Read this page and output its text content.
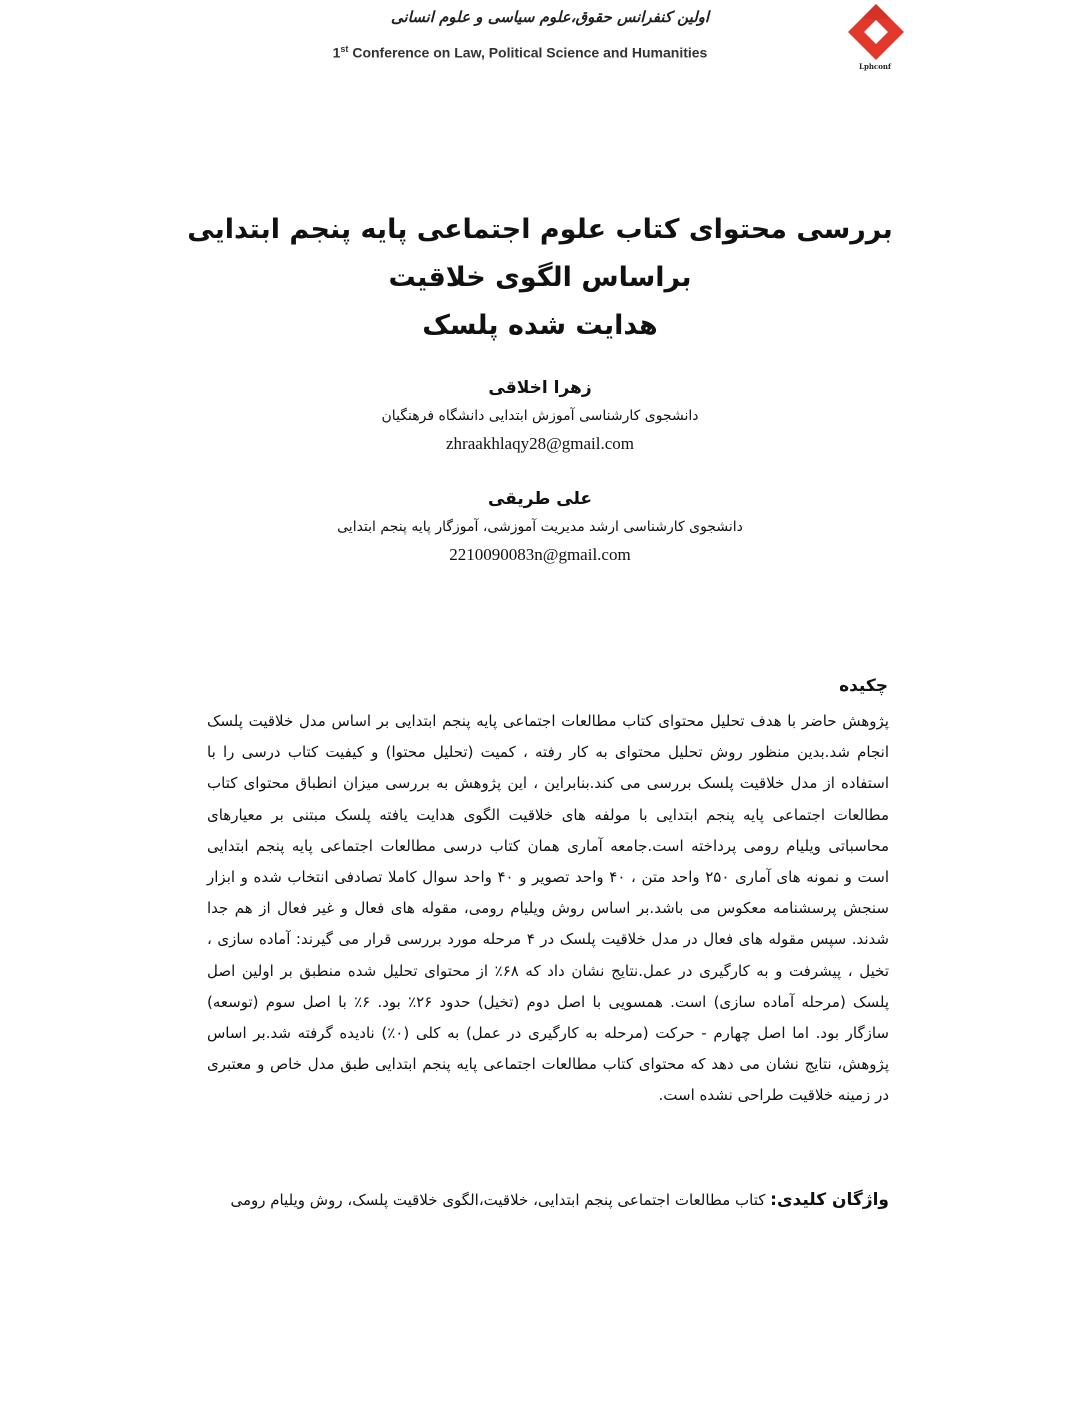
اولین کنفرانس حقوق،علوم سیاسی و علوم انسانی
1st Conference on Law, Political Science and Humanities
Lphconf
بررسی محتوای کتاب علوم اجتماعی پایه پنجم ابتدایی براساس الگوی خلاقیت
هدایت شده پلسک
زهرا اخلاقی
دانشجوی کارشناسی آموزش ابتدایی دانشگاه فرهنگیان
zhraakhlaqy28@gmail.com
علی طریقی
دانشجوی کارشناسی ارشد مدیریت آموزشی، آموزگار پایه پنجم ابتدایی
2210090083n@gmail.com
چکیده
پژوهش حاضر با هدف تحلیل محتوای کتاب مطالعات اجتماعی پایه پنجم ابتدایی بر اساس مدل خلاقیت پلسک انجام شد.بدین منظور روش تحلیل محتوای به کار رفته ، کمیت (تحلیل محتوا) و کیفیت کتاب درسی را با استفاده از مدل خلاقیت پلسک بررسی می کند.بنابراین ، این پژوهش به بررسی میزان انطباق محتوای کتاب مطالعات اجتماعی پایه پنجم ابتدایی با مولفه های خلاقیت الگوی هدایت یافته پلسک مبتنی بر معیارهای محاسباتی ویلیام رومی پرداخته است.جامعه آماری همان کتاب درسی مطالعات اجتماعی پایه پنجم ابتدایی است و نمونه های آماری ۲۵۰ واحد متن ، ۴۰ واحد تصویر و ۴۰ واحد سوال کاملا تصادفی انتخاب شده و ابزار سنجش پرسشنامه معکوس می باشد.بر اساس روش ویلیام رومی، مقوله های فعال و غیر فعال از هم جدا شدند. سپس مقوله های فعال در مدل خلاقیت پلسک در ۴ مرحله مورد بررسی قرار می گیرند: آماده سازی ، تخیل ، پیشرفت و به کارگیری در عمل.نتایج نشان داد که ۶۸٪ از محتوای تحلیل شده منطبق بر اولین اصل پلسک (مرحله آماده سازی) است. همسویی با اصل دوم (تخیل) حدود ۲۶٪ بود. ۶٪ با اصل سوم (توسعه) سازگار بود. اما اصل چهارم - حرکت (مرحله به کارگیری در عمل) به کلی (۰٪) نادیده گرفته شد.بر اساس پژوهش، نتایج نشان می دهد که محتوای کتاب مطالعات اجتماعی پایه پنجم ابتدایی طبق مدل خاص و معتبری در زمینه خلاقیت طراحی نشده است.
واژگان کلیدی: کتاب مطالعات اجتماعی پنجم ابتدایی، خلاقیت،الگوی خلاقیت پلسک، روش ویلیام رومی
